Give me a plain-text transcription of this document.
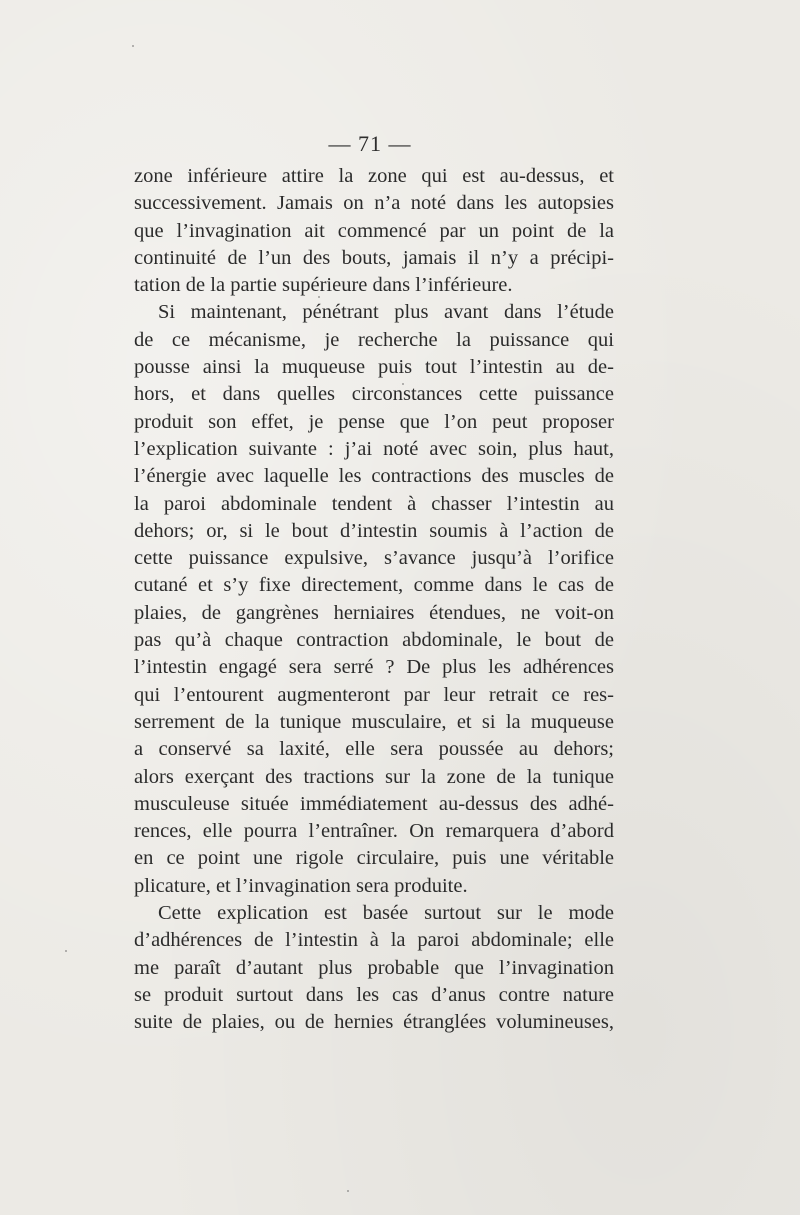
— 71 —
zone inférieure attire la zone qui est au-dessus, et
successivement. Jamais on n’a noté dans les autopsies
que l’invagination ait commencé par un point de la
continuité de l’un des bouts, jamais il n’y a précipi-
tation de la partie supérieure dans l’inférieure.
Si maintenant, pénétrant plus avant dans l’étude
de ce mécanisme, je recherche la puissance qui
pousse ainsi la muqueuse puis tout l’intestin au de-
hors, et dans quelles circonstances cette puissance
produit son effet, je pense que l’on peut proposer
l’explication suivante : j’ai noté avec soin, plus haut,
l’énergie avec laquelle les contractions des muscles de
la paroi abdominale tendent à chasser l’intestin au
dehors; or, si le bout d’intestin soumis à l’action de
cette puissance expulsive, s’avance jusqu’à l’orifice
cutané et s’y fixe directement, comme dans le cas de
plaies, de gangrènes herniaires étendues, ne voit-on
pas qu’à chaque contraction abdominale, le bout de
l’intestin engagé sera serré ? De plus les adhérences
qui l’entourent augmenteront par leur retrait ce res-
serrement de la tunique musculaire, et si la muqueuse
a conservé sa laxité, elle sera poussée au dehors;
alors exerçant des tractions sur la zone de la tunique
musculeuse située immédiatement au-dessus des adhé-
rences, elle pourra l’entraîner. On remarquera d’abord
en ce point une rigole circulaire, puis une véritable
plicature, et l’invagination sera produite.
Cette explication est basée surtout sur le mode
d’adhérences de l’intestin à la paroi abdominale; elle
me paraît d’autant plus probable que l’invagination
se produit surtout dans les cas d’anus contre nature
suite de plaies, ou de hernies étranglées volumineuses,
